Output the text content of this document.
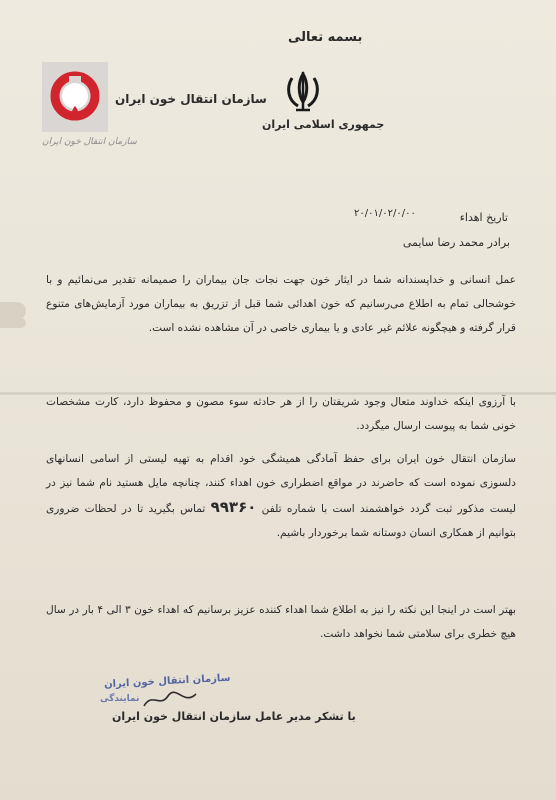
بسمه تعالی
جمهوری اسلامی ایران
سازمان انتقال خون ایران
سازمان انتقال خون ایران
تاریخ اهداء
۲۰/۰۱/۰۲/۰/۰۰
برادر محمد رضا سایمی
عمل انسانی و خداپسندانه شما در ایثار خون جهت نجات جان بیماران را صمیمانه تقدیر می‌نمائیم و با خوشحالی تمام به اطلاع می‌رسانیم که خون اهدائی شما قبل از تزریق به بیماران مورد آزمایش‌های متنوع قرار گرفته و هیچگونه علائم غیر عادی و یا بیماری خاصی در آن مشاهده نشده است.
با آرزوی اینکه خداوند متعال وجود شریفتان را از هر حادثه سوء مصون و محفوظ دارد، کارت مشخصات خونی شما به پیوست ارسال میگردد.
سازمان انتقال خون ایران برای حفظ آمادگی همیشگی خود اقدام به تهیه لیستی از اسامی انسانهای دلسوزی نموده است که حاضرند در مواقع اضطراری خون اهداء کنند، چنانچه مایل هستید نام شما نیز در لیست مذکور ثبت گردد خواهشمند است با شماره تلفن ۹۹۳۶۰ تماس بگیرید تا در لحظات ضروری بتوانیم از همکاری انسان دوستانه شما برخوردار باشیم.
بهتر است در اینجا این نکته را نیز به اطلاع شما اهداء کننده عزیز برسانیم که اهداء خون ۳ الی ۴ بار در سال هیچ خطری برای سلامتی شما نخواهد داشت.
سازمان انتقال خون ایران
نمایندگی
با تشکر مدیر عامل سازمان انتقال خون ایران
